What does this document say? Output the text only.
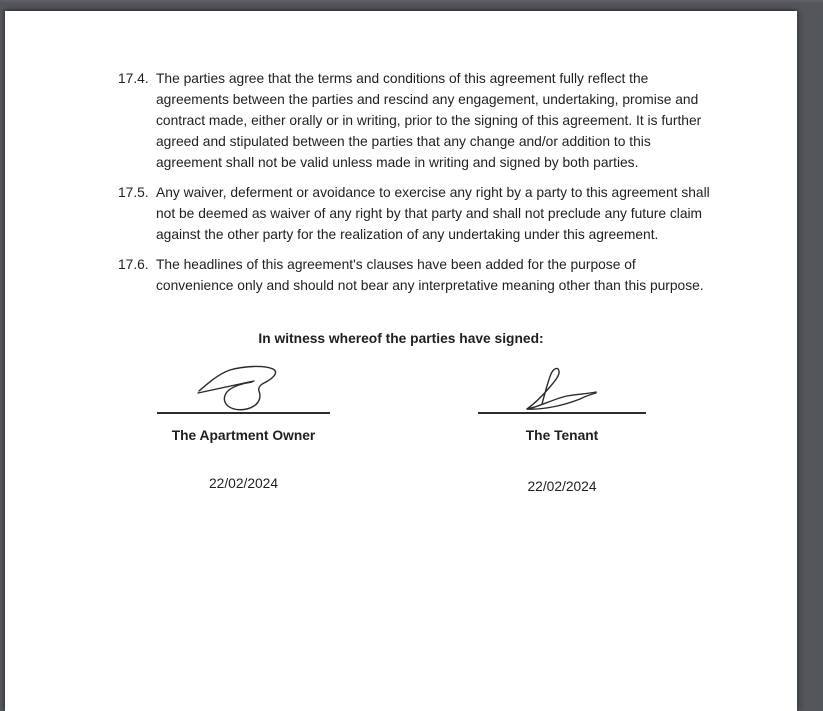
17.4. The parties agree that the terms and conditions of this agreement fully reflect the agreements between the parties and rescind any engagement, undertaking, promise and contract made, either orally or in writing, prior to the signing of this agreement. It is further agreed and stipulated between the parties that any change and/or addition to this agreement shall not be valid unless made in writing and signed by both parties.
17.5. Any waiver, deferment or avoidance to exercise any right by a party to this agreement shall not be deemed as waiver of any right by that party and shall not preclude any future claim against the other party for the realization of any undertaking under this agreement.
17.6. The headlines of this agreement's clauses have been added for the purpose of convenience only and should not bear any interpretative meaning other than this purpose.
In witness whereof the parties have signed:
The Apartment Owner
22/02/2024
The Tenant
22/02/2024
